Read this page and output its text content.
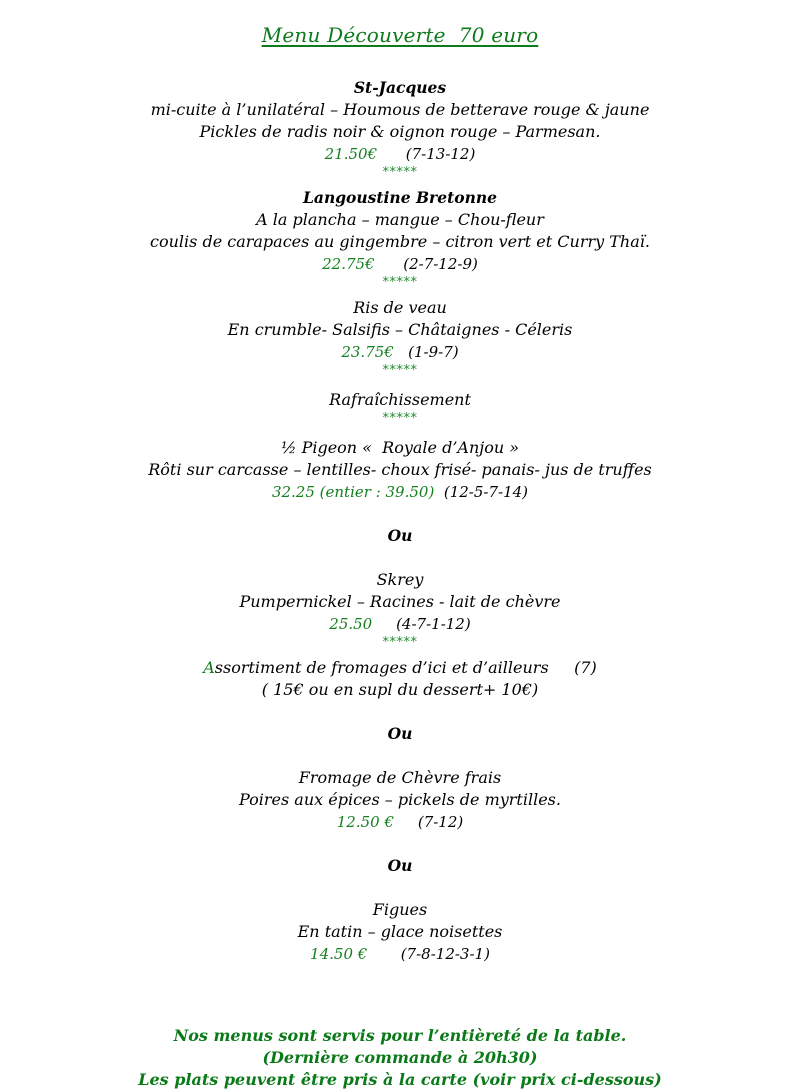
Menu Découverte  70 euro

St-Jacques

mi-cuite à l’unilatéral – Houmous de betterave rouge & jaune

Pickles de radis noir & oignon rouge – Parmesan.

21.50€ (7-13-12)

*****

Langoustine Bretonne

A la plancha – mangue – Chou-fleur

coulis de carapaces au gingembre – citron vert et Curry Thaï.

22.75€ (2-7-12-9)

*****

Ris de veau

En crumble- Salsifis – Châtaignes - Céleris

23.75€ (1-9-7)

*****

Rafraîchissement

*****

½ Pigeon «  Royale d’Anjou »

Rôti sur carcasse – lentilles- choux frisé- panais- jus de truffes

32.25 (entier : 39.50) (12-5-7-14)

Ou

Skrey

Pumpernickel – Racines - lait de chèvre

25.50 (4-7-1-12)

*****

Assortiment de fromages d’ici et d’ailleurs (7)

( 15€ ou en supl du dessert+ 10€)

Ou

Fromage de Chèvre frais

Poires aux épices – pickels de myrtilles.

12.50 € (7-12)

Ou

Figues

En tatin – glace noisettes

14.50 € (7-8-12-3-1)

Nos menus sont servis pour l’entièreté de la table.

(Dernière commande à 20h30)

Les plats peuvent être pris à la carte (voir prix ci-dessous)
